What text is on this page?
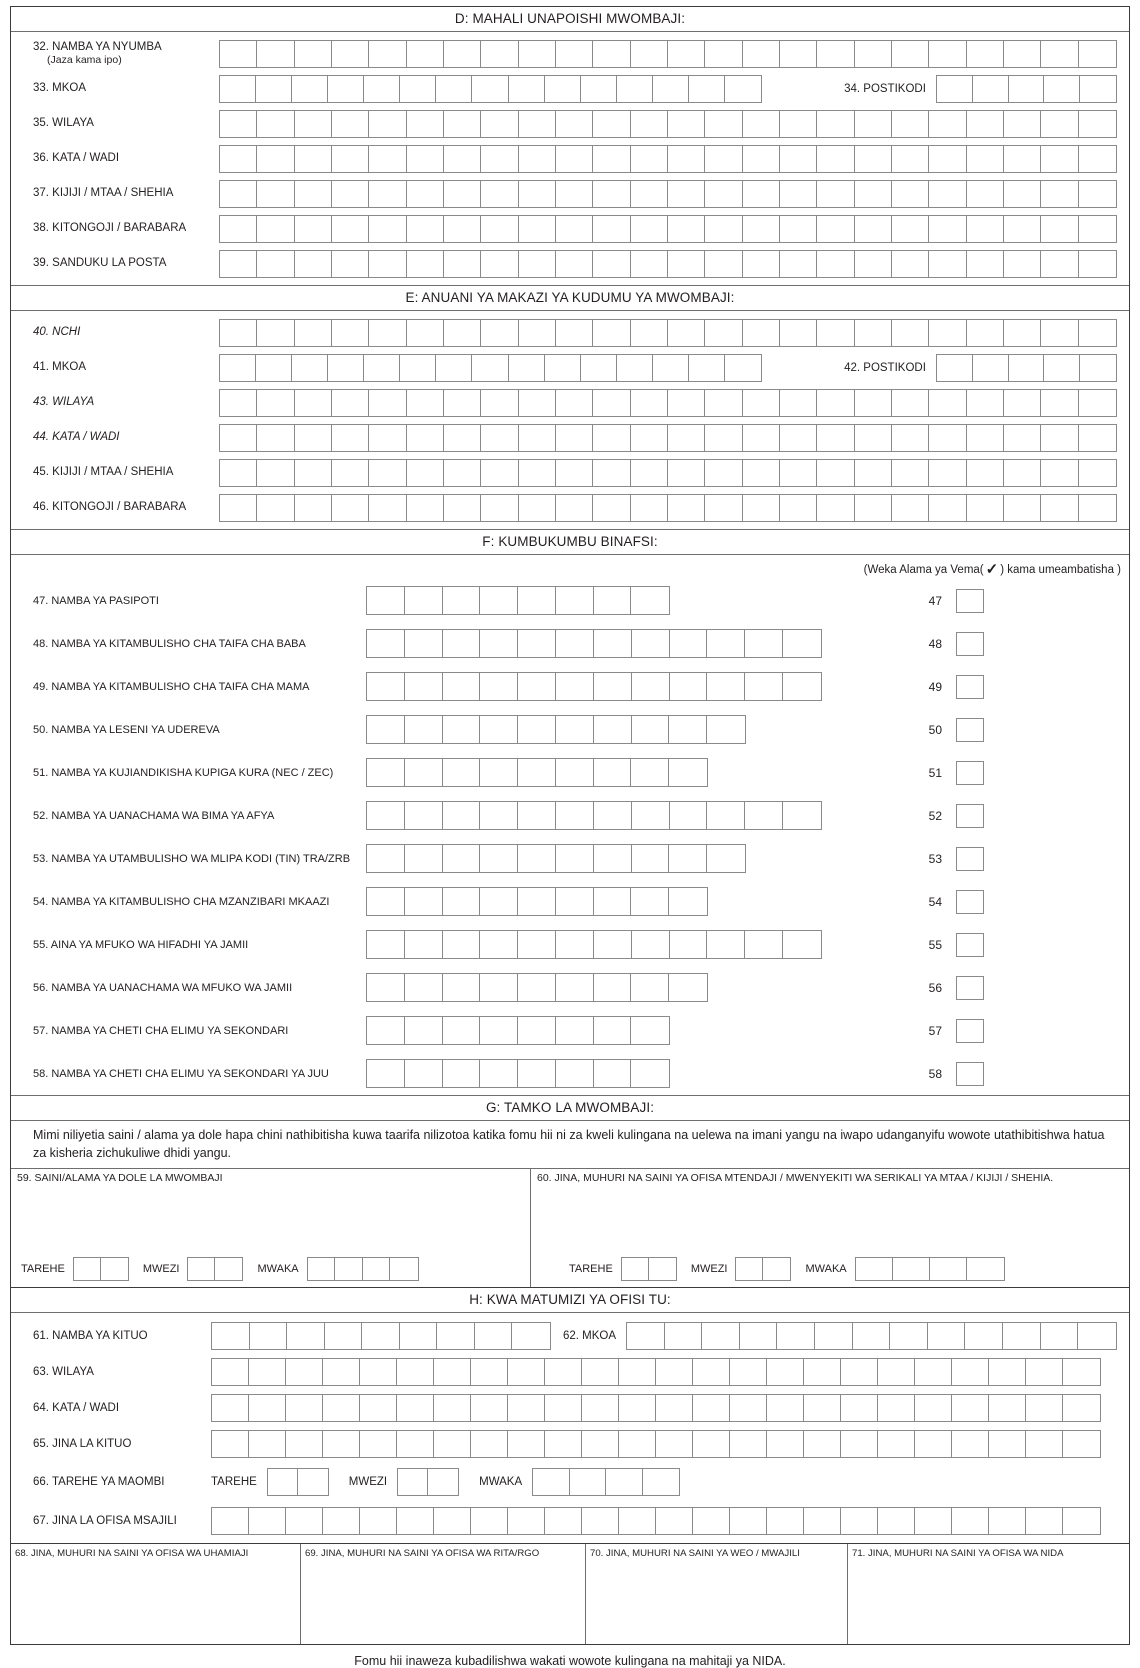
D: MAHALI UNAPOISHI MWOMBAJI:

32. NAMBA YA NYUMBA

(Jaza kama ipo)

33. MKOA	34. POSTIKODI
35. WILAYA
36. KATA / WADI
37. KIJIJI / MTAA / SHEHIA
38. KITONGOJI / BARABARA
39. SANDUKU LA POSTA
E: ANUANI YA MAKAZI YA KUDUMU YA MWOMBAJI:
40. NCHI
41. MKOA	42. POSTIKODI
43. WILAYA
44. KATA / WADI
45. KIJIJI / MTAA / SHEHIA
46. KITONGOJI / BARABARA
F: KUMBUKUMBU BINAFSI:
(Weka Alama ya Vema( ✓ ) kama umeambatisha )
47. NAMBA YA PASIPOTI	47
48. NAMBA YA KITAMBULISHO CHA TAIFA CHA BABA	48
49. NAMBA YA KITAMBULISHO CHA TAIFA CHA MAMA	49
50. NAMBA YA LESENI YA UDEREVA	50
51. NAMBA YA KUJIANDIKISHA KUPIGA KURA (NEC / ZEC)	51
52. NAMBA YA UANACHAMA WA BIMA YA AFYA	52
53. NAMBA YA UTAMBULISHO WA MLIPA KODI (TIN) TRA/ZRB	53
54. NAMBA YA KITAMBULISHO CHA MZANZIBARI MKAAZI	54
55. AINA YA MFUKO WA HIFADHI YA JAMII	55
56. NAMBA YA UANACHAMA WA MFUKO WA JAMII	56
57. NAMBA YA CHETI CHA ELIMU YA SEKONDARI	57
58. NAMBA YA CHETI CHA ELIMU YA SEKONDARI YA JUU	58
G: TAMKO LA MWOMBAJI:
Mimi niliyetia saini / alama ya dole hapa chini nathibitisha kuwa taarifa nilizotoa katika fomu hii ni za kweli kulingana na uelewa na imani yangu na iwapo udanganyifu wowote utathibitishwa hatua za kisheria zichukuliwe dhidi yangu.
59. SAINI/ALAMA YA DOLE LA MWOMBAJI
TAREHE	MWEZI	MWAKA
60. JINA, MUHURI NA SAINI YA OFISA MTENDAJI / MWENYEKITI WA SERIKALI YA MTAA / KIJIJI / SHEHIA.
TAREHE	MWEZI	MWAKA
H: KWA MATUMIZI YA OFISI TU:
61. NAMBA YA KITUO	62. MKOA
63. WILAYA
64. KATA / WADI
65. JINA LA KITUO
66. TAREHE YA MAOMBI	TAREHE	MWEZI	MWAKA
67. JINA LA OFISA MSAJILI
68. JINA, MUHURI NA SAINI YA OFISA WA UHAMIAJI	69. JINA, MUHURI NA SAINI YA OFISA WA RITA/RGO	70. JINA, MUHURI NA SAINI YA WEO / MWAJILI	71. JINA, MUHURI NA SAINI YA OFISA WA NIDA
Fomu hii inaweza kubadilishwa wakati wowote kulingana na mahitaji ya NIDA.
